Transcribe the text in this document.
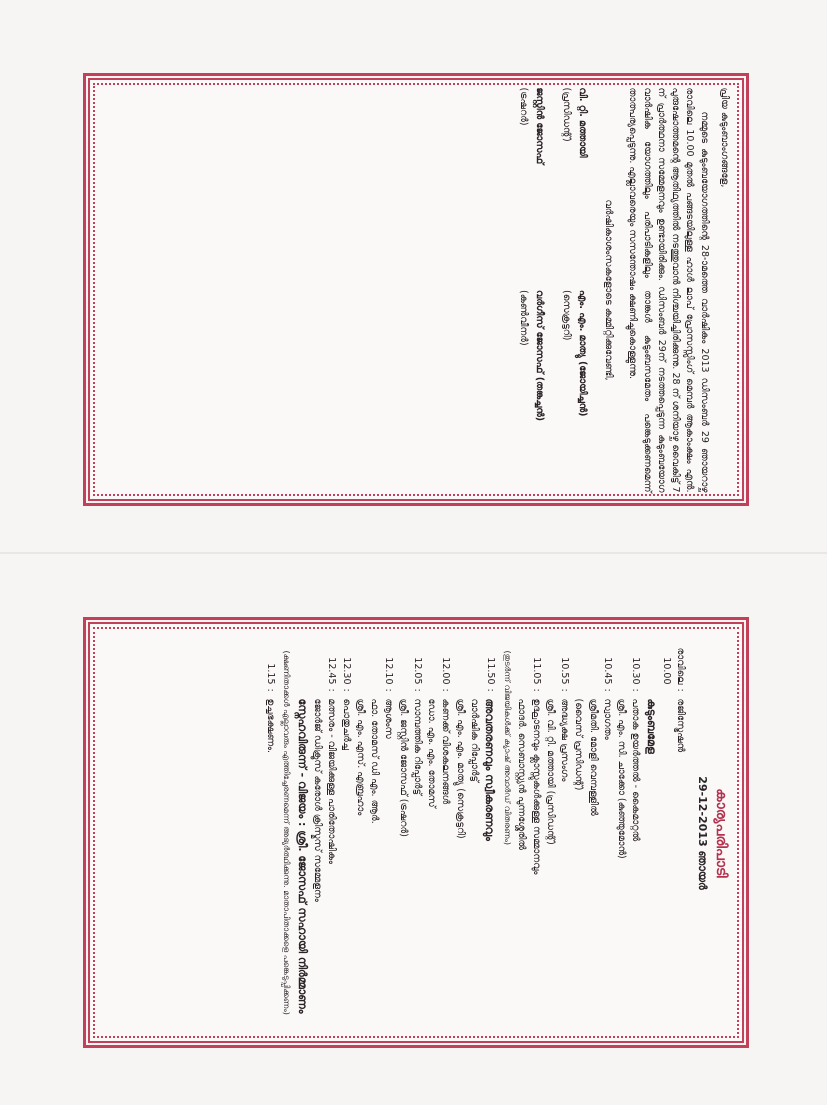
പ്രിയ കുടുംബാംഗങ്ങളേ,

നമ്മുടെ കുടുംബയോഗത്തിന്റെ 28-ാമത്തെ വാർഷികം 2013 ഡിസംബർ 29 ഞായറാഴ്ച രാവിലെ 10.00 മുതൽ പങ്ങടയിലുള്ള ഹാൾ ലാപ് പ്രോസസ്സിംഗ് മെമ്പർ ആകാംക്ഷം എൻ. പുരുഷോത്തമന്റെ ആതിഥ്യത്തിൽ നടത്തുവാൻ നിശ്ചയിച്ചിരിക്കുന്നു. 28 ന് ശനിയാഴ്ച വൈകിട്ട് 7 ന് പ്രാർത്ഥനാ സമ്മേളനവും ഉണ്ടായിരിക്കും. ഡിസംബർ 29ന് നടത്തപ്പെടുന്ന കുടുംബയോഗ വാർഷിക യോഗത്തിലും പരിപാടികളിലും താങ്കൾ കുടുംബസമേതം പങ്കെടുക്കണമെന്ന് താത്പര്യപ്പെടുന്നു. എല്ലാവരെയും സസന്തോഷം ക്ഷണിച്ചുകൊള്ളുന്നു.

വർഷികാശംസകളോടെ കമ്മിറ്റിക്കുവേണ്ടി,

വി. റ്റി. മത്തായി
എം. എം. മാത്യു (ജോയിച്ചൻ)
(പ്രസിഡന്റ്)
(സെക്രട്ടറി)
ജസ്റ്റിൻ ജോസഫ്
വർഗീസ് ജോസഫ് (തങ്കച്ചൻ)
(ട്രഷറർ)
(കൺവീനർ)
കാര്യപരിപാടി
29-12-2013 ഞായർ
രാവിലെ 10.00
:
രജിസ്ട്രേഷൻ
കുടുംബമേള
10.30
:
പതാക ഉയർത്തൽ - കൈമാറ്റൽ
ശ്രീ. എം. സി. ചാക്കോ (കുഞ്ഞുമോൻ)
10.45
:
സ്വാഗതം
ശ്രീമതി. മോളി വെമ്പള്ളിൽ
(വൈസ് പ്രസിഡന്റ്)
10.55
:
അദ്ധ്യക്ഷ പ്രസംഗം
ശ്രീ. വി. റ്റി. മത്തായി (പ്രസിഡന്റ്)
11.05
:
ഉദ്ഘാടനവും ക്ലാസ്സുകൾക്കുള്ള സമ്മാനവും
ഫാദർ. സെബാസ്റ്റ്യൻ പുന്നശ്ശേരിൽ
(തുടർന്ന് വിജയികൾക്ക് ക്യാഷ് അവാർഡ് വിതരണം)
11.50
:
അവതരണവും സ്വീകരണവും
വാർഷിക റിപ്പോർട്ട്
ശ്രീ. എം. എം. മാത്യു (സെക്രട്ടറി)
12.00
:
കണക്ക് വിശകലനങ്ങൾ
ഡോ. എം. എം. തോമസ്
12.05
:
സാമ്പത്തിക റിപ്പോർട്ട്
ശ്രീ. ജസ്റ്റിൻ ജോസഫ് (ട്രഷറർ)
12.10
:
ആശംസ
ഫാ. തോമസ് ഡി എം. ആർ.
ശ്രീ. എം. എസ്. എബ്രഹാം
12.30
:
പൊതുചർച്ച
12.45
:
മത്സരം - വിജയിക്കുള്ള പാരിതോഷികം
ജോർജ് ഡിക്രൂസ് കരോൾ ക്രിസ്മസ് സമ്മേളനം
സ്നേഹവിരുന്ന് - വിജയം : ശ്രീ. ജോസഫ് സഹായി നിർമ്മാണം
(ക്ഷണിതാക്കൾ എല്ലാവരും എത്തിച്ചേരണമെന്ന് അഭ്യർത്ഥിക്കുന്നു. മാതാപിതാക്കളെ പങ്കെടുപ്പിക്കണം)
1.15
:
ഉച്ചഭക്ഷണം.
